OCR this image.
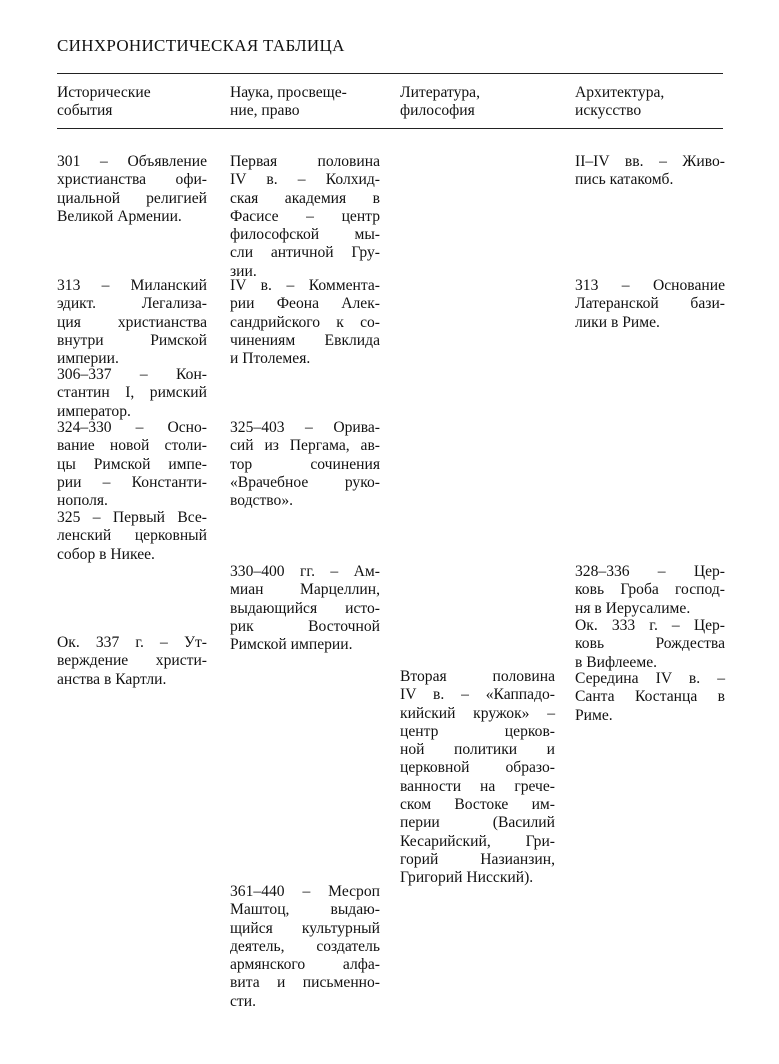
СИНХРОНИСТИЧЕСКАЯ ТАБЛИЦА
Исторические
события
Наука, просвеще-
ние, право
Литература,
философия
Архитектура,
искусство
301 – Объявление
христианства офи-
циальной религией
Великой Армении.
313 – Миланский
эдикт. Легализа-
ция христианства
внутри Римской
империи.
306–337 – Кон-
стантин I, римский
император.
324–330 – Осно-
вание новой столи-
цы Римской импе-
рии – Константи-
нополя.
325 – Первый Все-
ленский церковный
собор в Никее.
Ок. 337 г. – Ут-
верждение христи-
анства в Картли.
Первая половина
IV в. – Колхид-
ская академия в
Фасисе – центр
философской мы-
сли античной Гру-
зии.
IV в. – Коммента-
рии Феона Алек-
сандрийского к со-
чинениям Евклида
и Птолемея.
325–403 – Орива-
сий из Пергама, ав-
тор сочинения
«Врачебное руко-
водство».
330–400 гг. – Ам-
миан Марцеллин,
выдающийся исто-
рик Восточной
Римской империи.
361–440 – Месроп
Маштоц, выдаю-
щийся культурный
деятель, создатель
армянского алфа-
вита и письменно-
сти.
Вторая половина
IV в. – «Каппадо-
кийский кружок» –
центр церков-
ной политики и
церковной образо-
ванности на грече-
ском Востоке им-
перии (Василий
Кесарийский, Гри-
горий Назианзин,
Григорий Нисский).
II–IV вв. – Живо-
пись катакомб.
313 – Основание
Латеранской бази-
лики в Риме.
328–336 – Цер-
ковь Гроба господ-
ня в Иерусалиме.
Ок. 333 г. – Цер-
ковь Рождества
в Вифлееме.
Середина IV в. –
Санта Костанца в
Риме.
